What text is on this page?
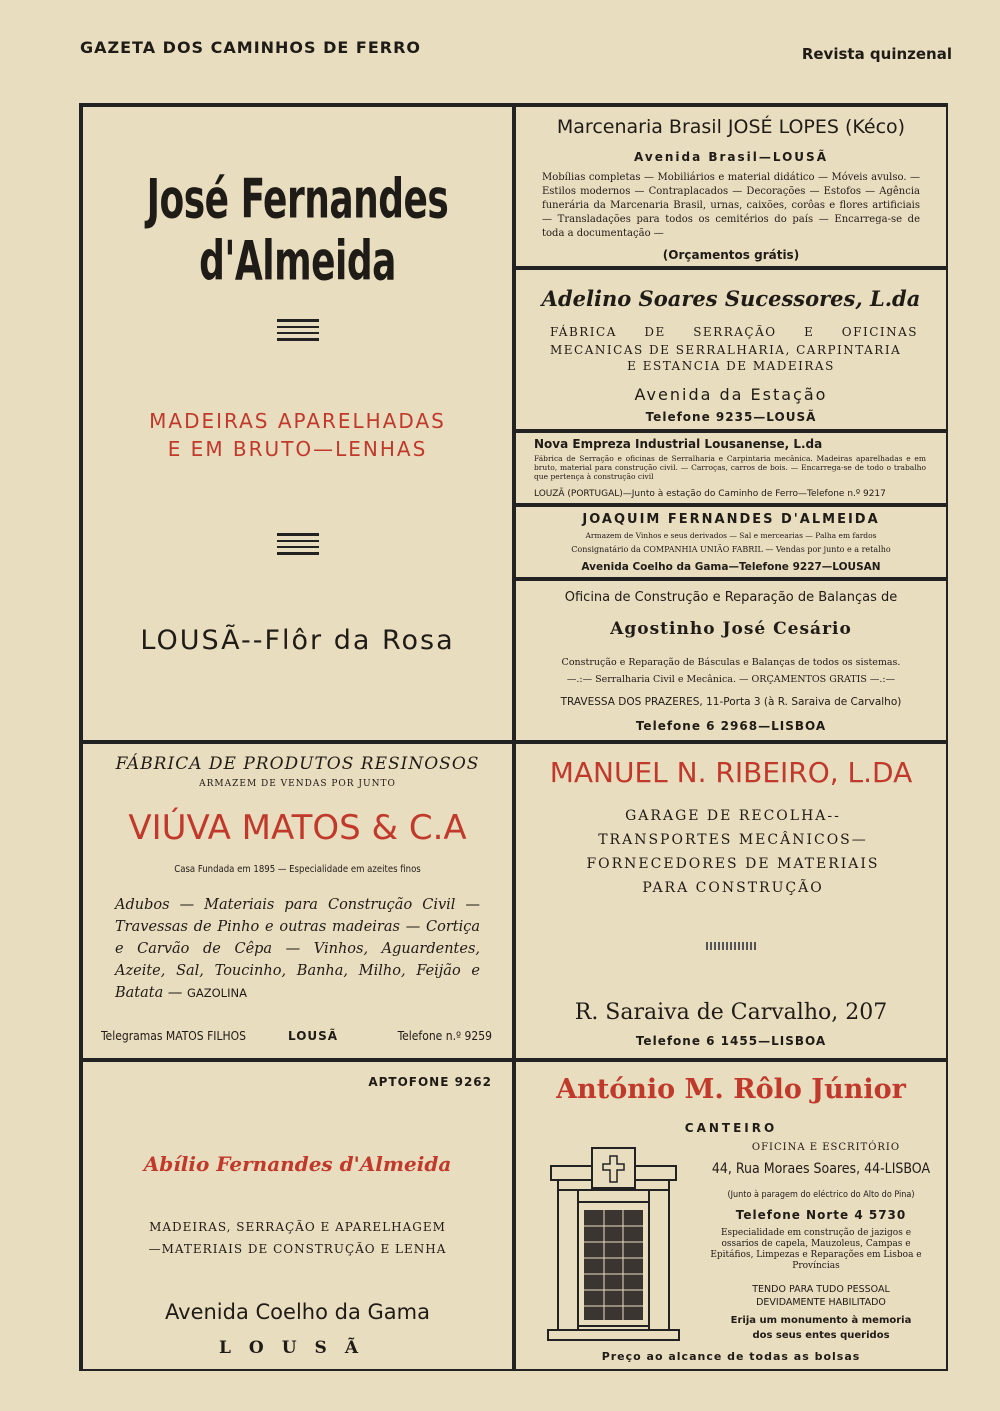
GAZETA DOS CAMINHOS DE FERRO	Revista quinzenal
José Fernandes d'Almeida
MADEIRAS APARELHADAS
E EM BRUTO—LENHAS
LOUSÃ--Flôr da Rosa
Marcenaria Brasil JOSÉ LOPES (Kéco)
Avenida Brasil—LOUSÃ
Mobílias completas — Mobiliários e material didático — Móveis avulso. — Estilos modernos — Contraplacados — Decorações — Estofos — Agência funerária da Marcenaria Brasil, urnas, caixões, corôas e flores artificiais — Transladações para todos os cemitérios do país — Encarrega-se de toda a documentação —
(Orçamentos grátis)
Adelino Soares Sucessores, L.da
FÁBRICA DE SERRAÇÃO E OFICINAS MECANICAS DE SERRALHARIA, CARPINTARIA
E ESTANCIA DE MADEIRAS
Avenida da Estação
Telefone 9235—LOUSÃ
Nova Empreza Industrial Lousanense, L.da
Fábrica de Serração e oficinas de Serralharia e Carpintaria mecânica. Madeiras aparelhadas e em bruto, material para construção civil. — Carroças, carros de bois. — Encarrega-se de todo o trabalho que pertença à construção civil
LOUZÃ (PORTUGAL)—Junto à estação do Caminho de Ferro—Telefone n.º 9217
JOAQUIM FERNANDES D'ALMEIDA
Armazem de Vinhos e seus derivados — Sal e mercearias — Palha em fardos
Consignatário da COMPANHIA UNIÃO FABRIL — Vendas por junto e a retalho
Avenida Coelho da Gama—Telefone 9227—LOUSAN
Oficina de Construção e Reparação de Balanças de
Agostinho José Cesário
Construção e Reparação de Básculas e Balanças de todos os sistemas.
—.:— Serralharia Civil e Mecânica. — ORÇAMENTOS GRATIS —.:—
TRAVESSA DOS PRAZERES, 11-Porta 3 (à R. Saraiva de Carvalho)
Telefone 6 2968—LISBOA
FÁBRICA DE PRODUTOS RESINOSOS
ARMAZEM DE VENDAS POR JUNTO
VIÚVA MATOS & C.A
Casa Fundada em 1895 — Especialidade em azeites finos
Adubos — Materiais para Construção Civil — Travessas de Pinho e outras madeiras — Cortiça e Carvão de Cêpa — Vinhos, Aguardentes, Azeite, Sal, Toucinho, Banha, Milho, Feijão e Batata — GAZOLINA
Telegramas MATOS FILHOS	LOUSÃ	Telefone n.º 9259
MANUEL N. RIBEIRO, L.DA
GARAGE DE RECOLHA--TRANSPORTES MECÂNICOS—FORNECEDORES DE MATERIAIS PARA CONSTRUÇÃO
R. Saraiva de Carvalho, 207
Telefone 6 1455—LISBOA
APTOFONE 9262
Abílio Fernandes d'Almeida
MADEIRAS, SERRAÇÃO E APARELHAGEM
—MATERIAIS DE CONSTRUÇÃO E LENHA
Avenida Coelho da Gama
LOUSÃ
António M. Rôlo Júnior
CANTEIRO
OFICINA E ESCRITÓRIO
44, Rua Moraes Soares, 44-LISBOA
(Junto à paragem do eléctrico do Alto do Pina)
Telefone Norte 4 5730
Especialidade em construção de jazigos e ossarios de capela, Mauzoleus, Campas e Epitáfios, Limpezas e Reparações em Lisboa e Províncias
TENDO PARA TUDO PESSOAL
DEVIDAMENTE HABILITADO
Erija um monumento à memoria
dos seus entes queridos
Preço ao alcance de todas as bolsas
